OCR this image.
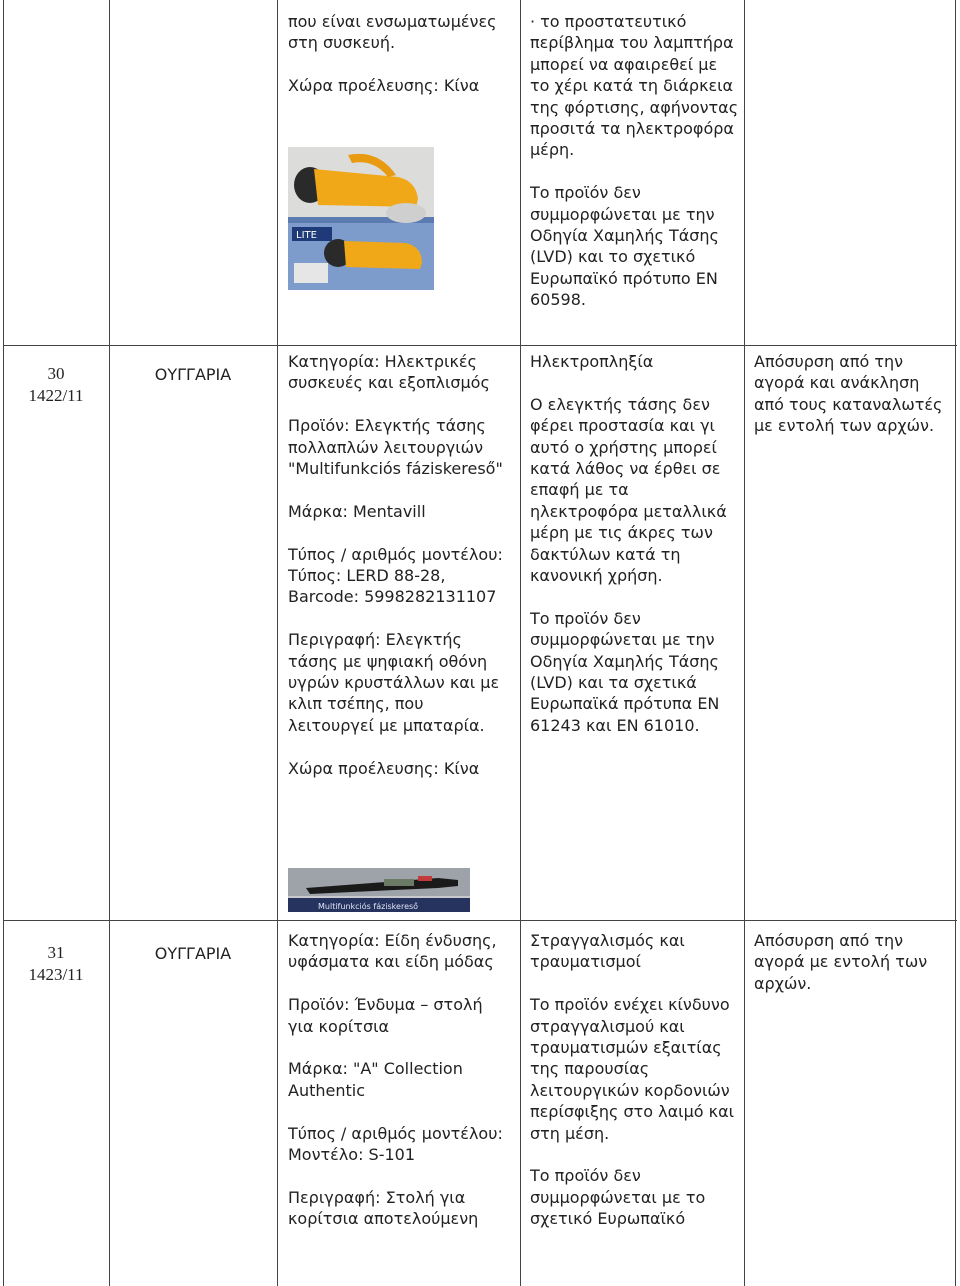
που είναι ενσωματωμένες στη συσκευή.

Χώρα προέλευσης: Κίνα

LITE

· το προστατευτικό περίβλημα του λαμπτήρα μπορεί να αφαιρεθεί με το χέρι κατά τη διάρκεια της φόρτισης, αφήνοντας προσιτά τα ηλεκτροφόρα μέρη.

Το προϊόν δεν συμμορφώνεται με την Οδηγία Χαμηλής Τάσης (LVD) και το σχετικό Ευρωπαϊκό πρότυπο EN 60598.

30
1422/11
ΟΥΓΓΑΡΙΑ

Κατηγορία: Ηλεκτρικές συσκευές και εξοπλισμός

Προϊόν: Ελεγκτής τάσης πολλαπλών λειτουργιών "Multifunkciós fáziskereső"

Μάρκα: Mentavill

Τύπος / αριθμός μοντέλου: Τύπος: LERD 88-28, Barcode: 5998282131107

Περιγραφή: Ελεγκτής τάσης με ψηφιακή οθόνη υγρών κρυστάλλων και με κλιπ τσέπης, που λειτουργεί με μπαταρία.

Χώρα προέλευσης: Κίνα

Multifunkciós fáziskereső

Ηλεκτροπληξία

Ο ελεγκτής τάσης δεν φέρει προστασία και γι αυτό ο χρήστης μπορεί κατά λάθος να έρθει σε επαφή με τα ηλεκτροφόρα μεταλλικά μέρη με τις άκρες των δακτύλων κατά τη κανονική χρήση.

Το προϊόν δεν συμμορφώνεται με την Οδηγία Χαμηλής Τάσης (LVD) και τα σχετικά Ευρωπαϊκά πρότυπα EN 61243 και EN 61010.

Απόσυρση από την αγορά και ανάκληση από τους καταναλωτές με εντολή των αρχών.

31
1423/11
ΟΥΓΓΑΡΙΑ

Κατηγορία: Είδη ένδυσης, υφάσματα και είδη μόδας

Προϊόν: Ένδυμα – στολή για κορίτσια

Μάρκα: "A" Collection Authentic

Τύπος / αριθμός μοντέλου: Μοντέλο: S-101

Περιγραφή: Στολή για κορίτσια αποτελούμενη

Στραγγαλισμός και τραυματισμοί

Το προϊόν ενέχει κίνδυνο στραγγαλισμού και τραυματισμών εξαιτίας της παρουσίας λειτουργικών κορδονιών περίσφιξης στο λαιμό και στη μέση.

Το προϊόν δεν συμμορφώνεται με το σχετικό Ευρωπαϊκό

Απόσυρση από την αγορά με εντολή των αρχών.
